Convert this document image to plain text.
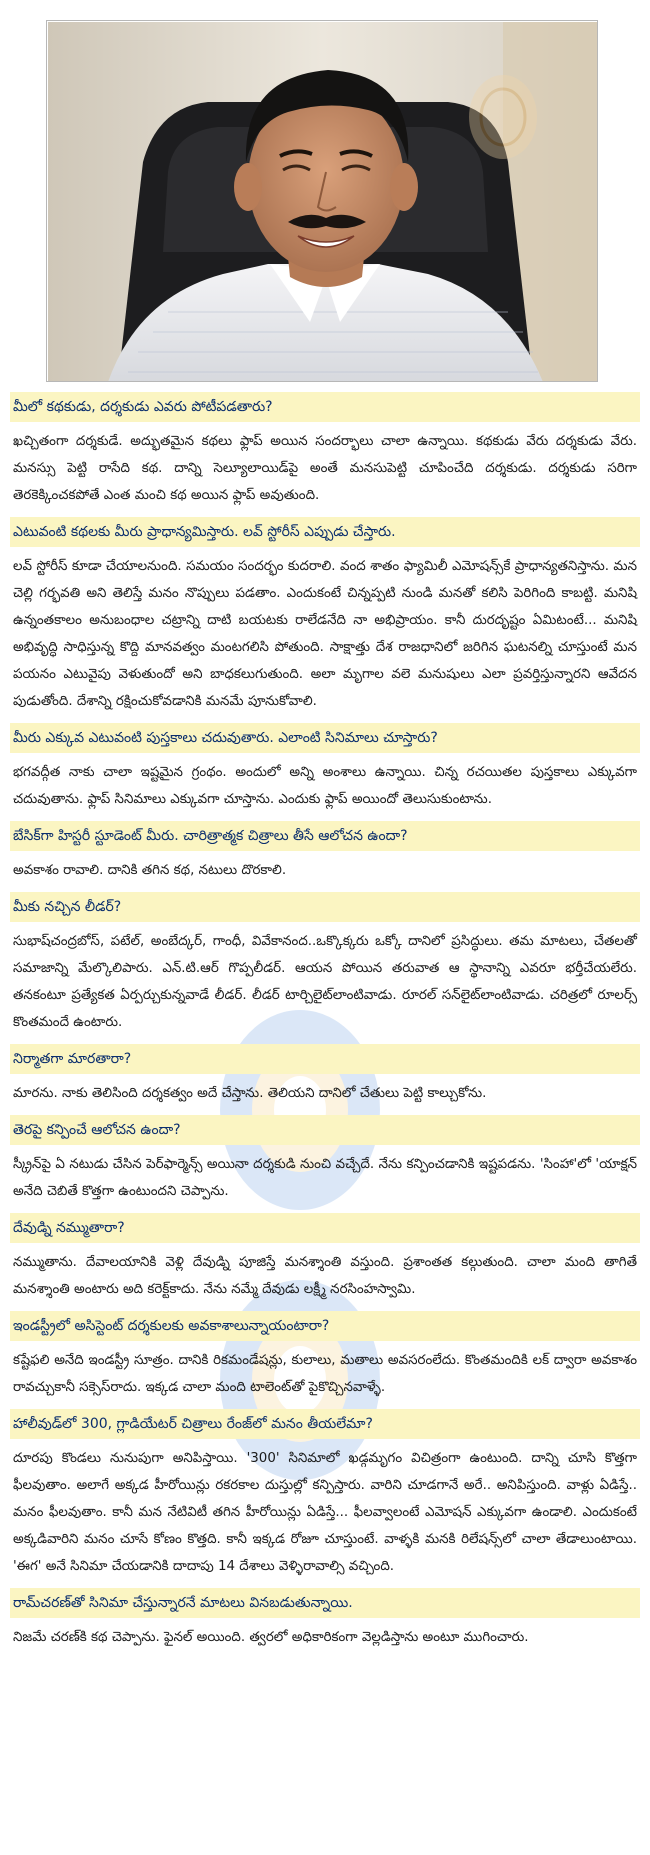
మీలో కథకుడు, దర్శకుడు ఎవరు పోటీపడతారు?

ఖచ్చితంగా దర్శకుడే. అద్భుతమైన కథలు ఫ్లాప్ అయిన సందర్భాలు చాలా ఉన్నాయి. కథకుడు వేరు దర్శకుడు వేరు. మనస్సు పెట్టి రాసేది కథ. దాన్ని సెల్యూలాయిడ్‌పై అంతే మనసుపెట్టి చూపించేది దర్శకుడు. దర్శకుడు సరిగా తెరకెక్కించకపోతే ఎంత మంచి కథ అయిన ఫ్లాప్ అవుతుంది.

ఎటువంటి కథలకు మీరు ప్రాధాన్యమిస్తారు. లవ్ స్టోరీస్ ఎప్పుడు చేస్తారు.

లవ్ స్టోరీస్ కూడా చేయాలనుంది. సమయం సందర్భం కుదరాలి. వంద శాతం ఫ్యామిలీ ఎమోషన్స్‌కే ప్రాధాన్యతనిస్తాను. మన చెల్లి గర్భవతి అని తెలిస్తే మనం నొప్పులు పడతాం. ఎందుకంటే చిన్నప్పటి నుండి మనతో కలిసి పెరిగింది కాబట్టి. మనిషి ఉన్నంతకాలం అనుబంధాల చట్రాన్ని దాటి బయటకు రాలేడనేది నా అభిప్రాయం. కానీ దురదృష్టం ఏమిటంటే... మనిషి అభివృద్ధి సాధిస్తున్న కొద్ది మానవత్వం మంటగలిసి పోతుంది. సాక్షాత్తు దేశ రాజధానిలో జరిగిన ఘటనల్ని చూస్తుంటే మన పయనం ఎటువైపు వెళుతుందో అని బాధకలుగుతుంది. అలా మృగాల వలె మనుషులు ఎలా ప్రవర్తిస్తున్నారని ఆవేదన పుడుతోంది. దేశాన్ని రక్షించుకోవడానికి మనమే పూనుకోవాలి.

మీరు ఎక్కువ ఎటువంటి పుస్తకాలు చదువుతారు. ఎలాంటి సినిమాలు చూస్తారు?

భగవద్గీత నాకు చాలా ఇష్టమైన గ్రంథం. అందులో అన్ని అంశాలు ఉన్నాయి. చిన్న రచయితల పుస్తకాలు ఎక్కువగా చదువుతాను. ఫ్లాప్ సినిమాలు ఎక్కువగా చూస్తాను. ఎందుకు ఫ్లాప్ అయిందో తెలుసుకుంటాను.

బేసిక్‌గా హిస్టరీ స్టూడెంట్ మీరు. చారిత్రాత్మక చిత్రాలు తీసే ఆలోచన ఉందా?

అవకాశం రావాలి. దానికి తగిన కథ, నటులు దొరకాలి.

మీకు నచ్చిన లీడర్?

సుభాష్‌చంద్రబోస్, పటేల్, అంబేద్కర్, గాంధీ, వివేకానంద..ఒక్కొక్కరు ఒక్కో దానిలో ప్రసిద్ధులు. తమ మాటలు, చేతలతో సమాజాన్ని మేల్కొలిపారు. ఎన్.టి.ఆర్ గొప్పలీడర్. ఆయన పోయిన తరువాత ఆ స్థానాన్ని ఎవరూ భర్తీచేయలేరు. తనకంటూ ప్రత్యేకత ఏర్పర్చుకున్నవాడే లీడర్. లీడర్ టార్చిలైట్‌లాంటివాడు. రూరల్ సన్‌లైట్‌లాంటివాడు. చరిత్రలో రూలర్స్ కొంతమందే ఉంటారు.

నిర్మాతగా మారతారా?

మారను. నాకు తెలిసింది దర్శకత్వం అదే చేస్తాను. తెలియని దానిలో చేతులు పెట్టి కాల్చుకోను.

తెరపై కన్పించే ఆలోచన ఉందా?

స్క్రీన్‌పై ఏ నటుడు చేసిన పెర్‌ఫార్మెన్స్ అయినా దర్శకుడి నుంచి వచ్చేదే. నేను కన్పించడానికి ఇష్టపడను. 'సింహా'లో 'యాక్షన్ అనేది చెబితే కొత్తగా ఉంటుందని చెప్పాను.

దేవుడ్ని నమ్ముతారా?

నమ్ముతాను. దేవాలయానికి వెళ్లి దేవుడ్ని పూజిస్తే మనశ్శాంతి వస్తుంది. ప్రశాంతత కల్గుతుంది. చాలా మంది తాగితే మనశ్శాంతి అంటారు అది కరెక్ట్‌కాదు. నేను నమ్మే దేవుడు లక్ష్మీ నరసింహస్వామి.

ఇండస్ట్రీలో అసిస్టెంట్ దర్శకులకు అవకాశాలున్నాయంటారా?

కష్టేఫలి అనేది ఇండస్ట్రీ సూత్రం. దానికి రికమండేషన్లు, కులాలు, మతాలు అవసరంలేదు. కొంతమందికి లక్ ద్వారా అవకాశం రావచ్చుకానీ సక్సెస్‌రాదు. ఇక్కడ చాలా మంది టాలెంట్‌తో పైకొచ్చినవాళ్ళే.

హాలీవుడ్‌లో 300, గ్లాడియేటర్ చిత్రాలు రేంజ్‌లో మనం తీయలేమా?

దూరపు కొండలు నునుపుగా అనిపిస్తాయి. '300' సినిమాలో ఖడ్గమృగం విచిత్రంగా ఉంటుంది. దాన్ని చూసి కొత్తగా ఫీలవుతాం. అలాగే అక్కడ హీరోయిన్లు రకరకాల దుస్తుల్లో కన్పిస్తారు. వారిని చూడగానే అరే.. అనిపిస్తుంది. వాళ్లు ఏడిస్తే.. మనం ఫీలవుతాం. కానీ మన నేటివిటీ తగిన హీరోయిన్లు ఏడిస్తే... ఫీలవ్వాలంటే ఎమోషన్ ఎక్కువగా ఉండాలి. ఎందుకంటే అక్కడివారిని మనం చూసే కోణం కొత్తది. కానీ ఇక్కడ రోజూ చూస్తుంటే. వాళ్ళకి మనకి రిలేషన్స్‌లో చాలా తేడాలుంటాయి. 'ఈగ' అనే సినిమా చేయడానికి దాదాపు 14 దేశాలు వెళ్ళిరావాల్సి వచ్చింది.

రామ్‌చరణ్‌తో సినిమా చేస్తున్నారనే మాటలు వినబడుతున్నాయి.

నిజమే చరణ్‌కి కథ చెప్పాను. ఫైనల్ అయింది. త్వరలో అధికారికంగా వెల్లడిస్తాను అంటూ ముగించారు.
